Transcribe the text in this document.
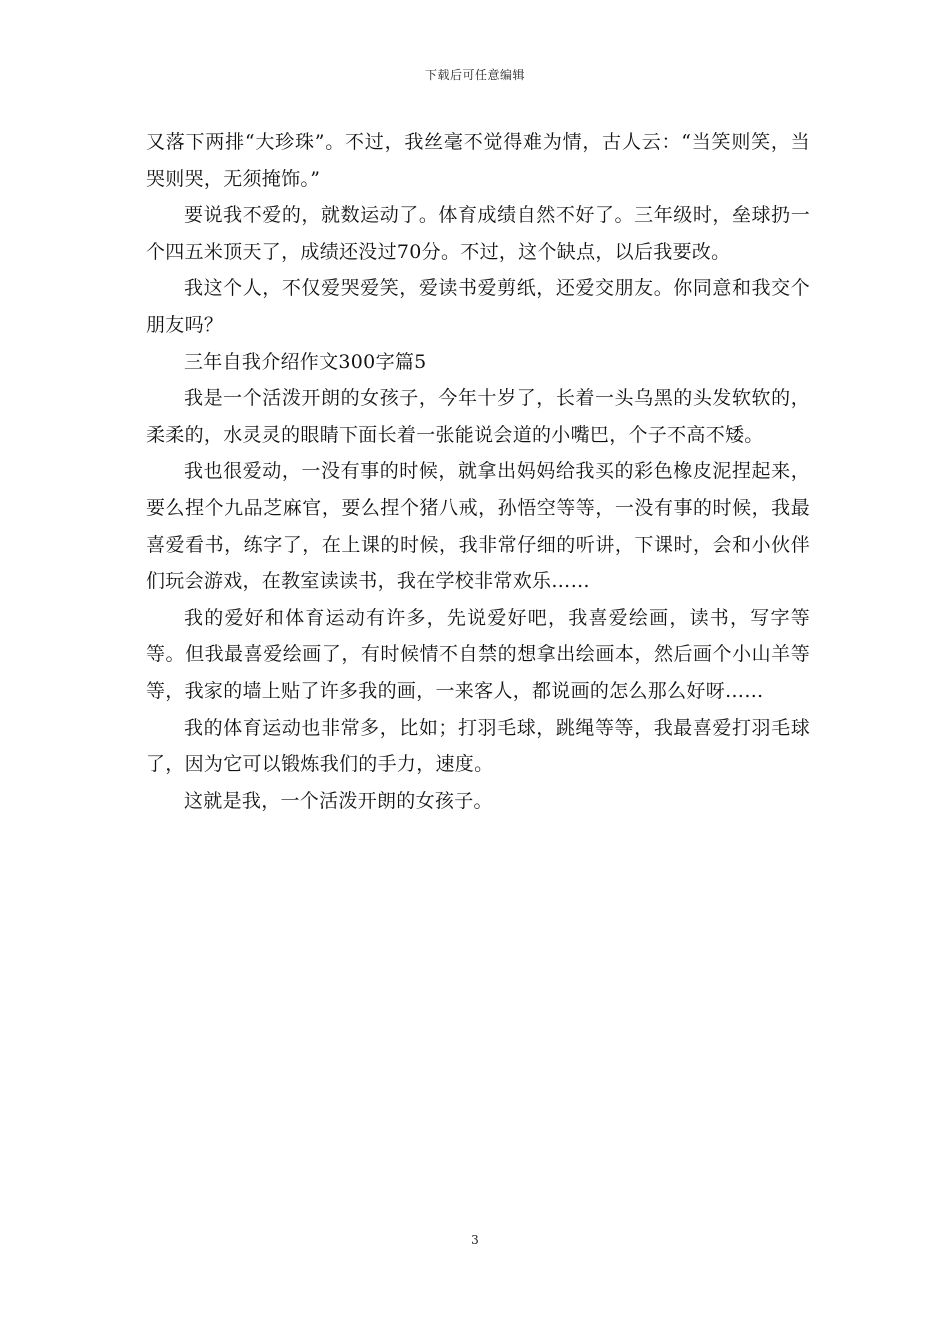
下载后可任意编辑

又落下两排“大珍珠”。不过，我丝毫不觉得难为情，古人云：“当笑则笑，当哭则哭，无须掩饰。”

要说我不爱的，就数运动了。体育成绩自然不好了。三年级时，垒球扔一个四五米顶天了，成绩还没过70分。不过，这个缺点，以后我要改。

我这个人，不仅爱哭爱笑，爱读书爱剪纸，还爱交朋友。你同意和我交个朋友吗？

三年自我介绍作文300字篇5

我是一个活泼开朗的女孩子，今年十岁了，长着一头乌黑的头发软软的，柔柔的，水灵灵的眼睛下面长着一张能说会道的小嘴巴，个子不高不矮。

我也很爱动，一没有事的时候，就拿出妈妈给我买的彩色橡皮泥捏起来，要么捏个九品芝麻官，要么捏个猪八戒，孙悟空等等，一没有事的时候，我最喜爱看书，练字了，在上课的时候，我非常仔细的听讲，下课时，会和小伙伴们玩会游戏，在教室读读书，我在学校非常欢乐……

我的爱好和体育运动有许多，先说爱好吧，我喜爱绘画，读书，写字等等。但我最喜爱绘画了，有时候情不自禁的想拿出绘画本，然后画个小山羊等等，我家的墙上贴了许多我的画，一来客人，都说画的怎么那么好呀……

我的体育运动也非常多，比如；打羽毛球，跳绳等等，我最喜爱打羽毛球了，因为它可以锻炼我们的手力，速度。

这就是我，一个活泼开朗的女孩子。

3
